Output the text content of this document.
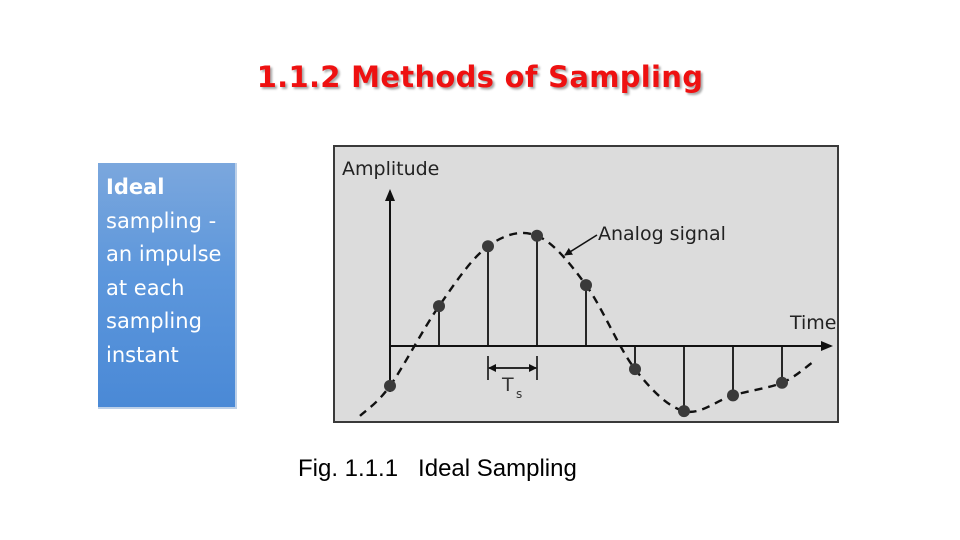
1.1.2 Methods of Sampling
Ideal
sampling -
an impulse
at each
sampling
instant
Amplitude
Time
Analog signal
T s
Fig. 1.1.1   Ideal Sampling
